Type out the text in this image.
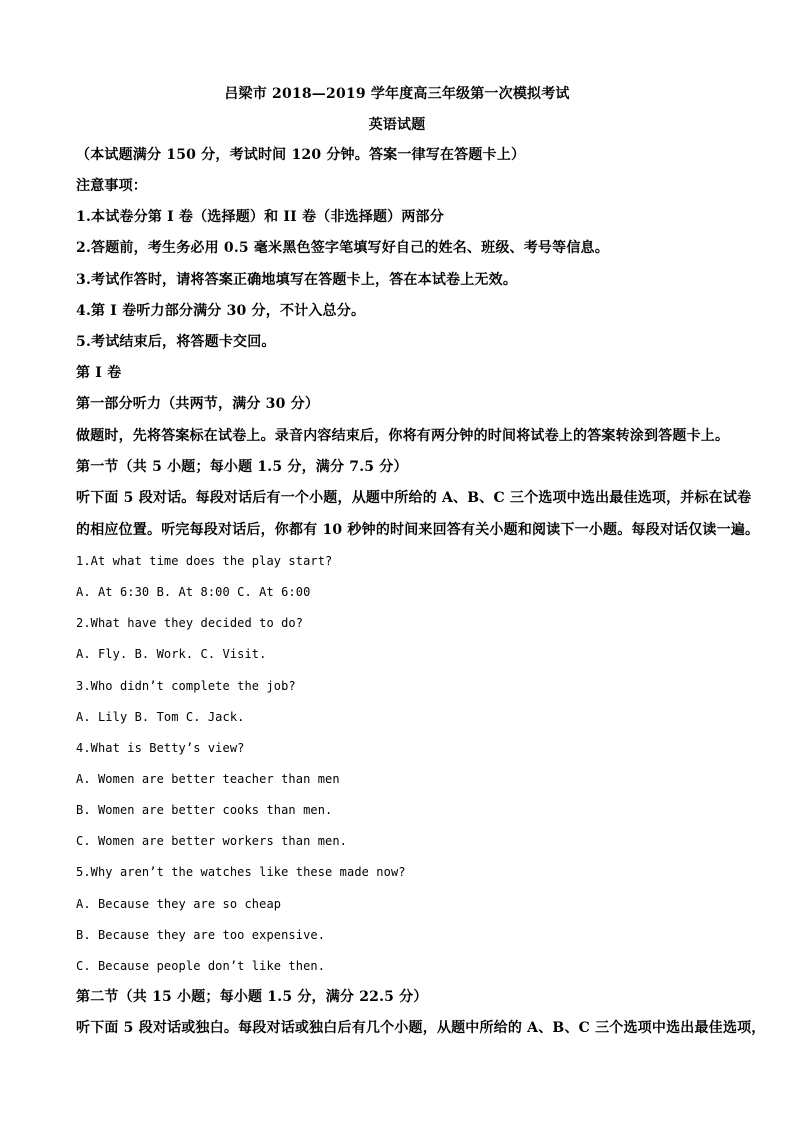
吕梁市 2018—2019 学年度高三年级第一次模拟考试
英语试题
（本试题满分 150 分，考试时间 120 分钟。答案一律写在答题卡上）
注意事项：
1.本试卷分第 I 卷（选择题）和 II 卷（非选择题）两部分
2.答题前，考生务必用 0.5 毫米黑色签字笔填写好自己的姓名、班级、考号等信息。
3.考试作答时，请将答案正确地填写在答题卡上，答在本试卷上无效。
4.第 I 卷听力部分满分 30 分，不计入总分。
5.考试结束后，将答题卡交回。
第 I 卷
第一部分听力（共两节，满分 30 分）
做题时，先将答案标在试卷上。录音内容结束后，你将有两分钟的时间将试卷上的答案转涂到答题卡上。
第一节（共 5 小题；每小题 1.5 分，满分 7.5 分）
听下面 5 段对话。每段对话后有一个小题，从题中所给的 A、B、C 三个选项中选出最佳选项，并标在试卷
的相应位置。听完每段对话后，你都有 10 秒钟的时间来回答有关小题和阅读下一小题。每段对话仅读一遍。
1.At what time does the play start?
A. At 6:30 B. At 8:00 C. At 6:00
2.What have they decided to do?
A. Fly. B. Work. C. Visit.
3.Who didn’t complete the job?
A. Lily B. Tom C. Jack.
4.What is Betty’s view?
A. Women are better teacher than men
B. Women are better cooks than men.
C. Women are better workers than men.
5.Why aren’t the watches like these made now?
A. Because they are so cheap
B. Because they are too expensive.
C. Because people don’t like then.
第二节（共 15 小题；每小题 1.5 分，满分 22.5 分）
听下面 5 段对话或独白。每段对话或独白后有几个小题，从题中所给的 A、B、C 三个选项中选出最佳选项，
